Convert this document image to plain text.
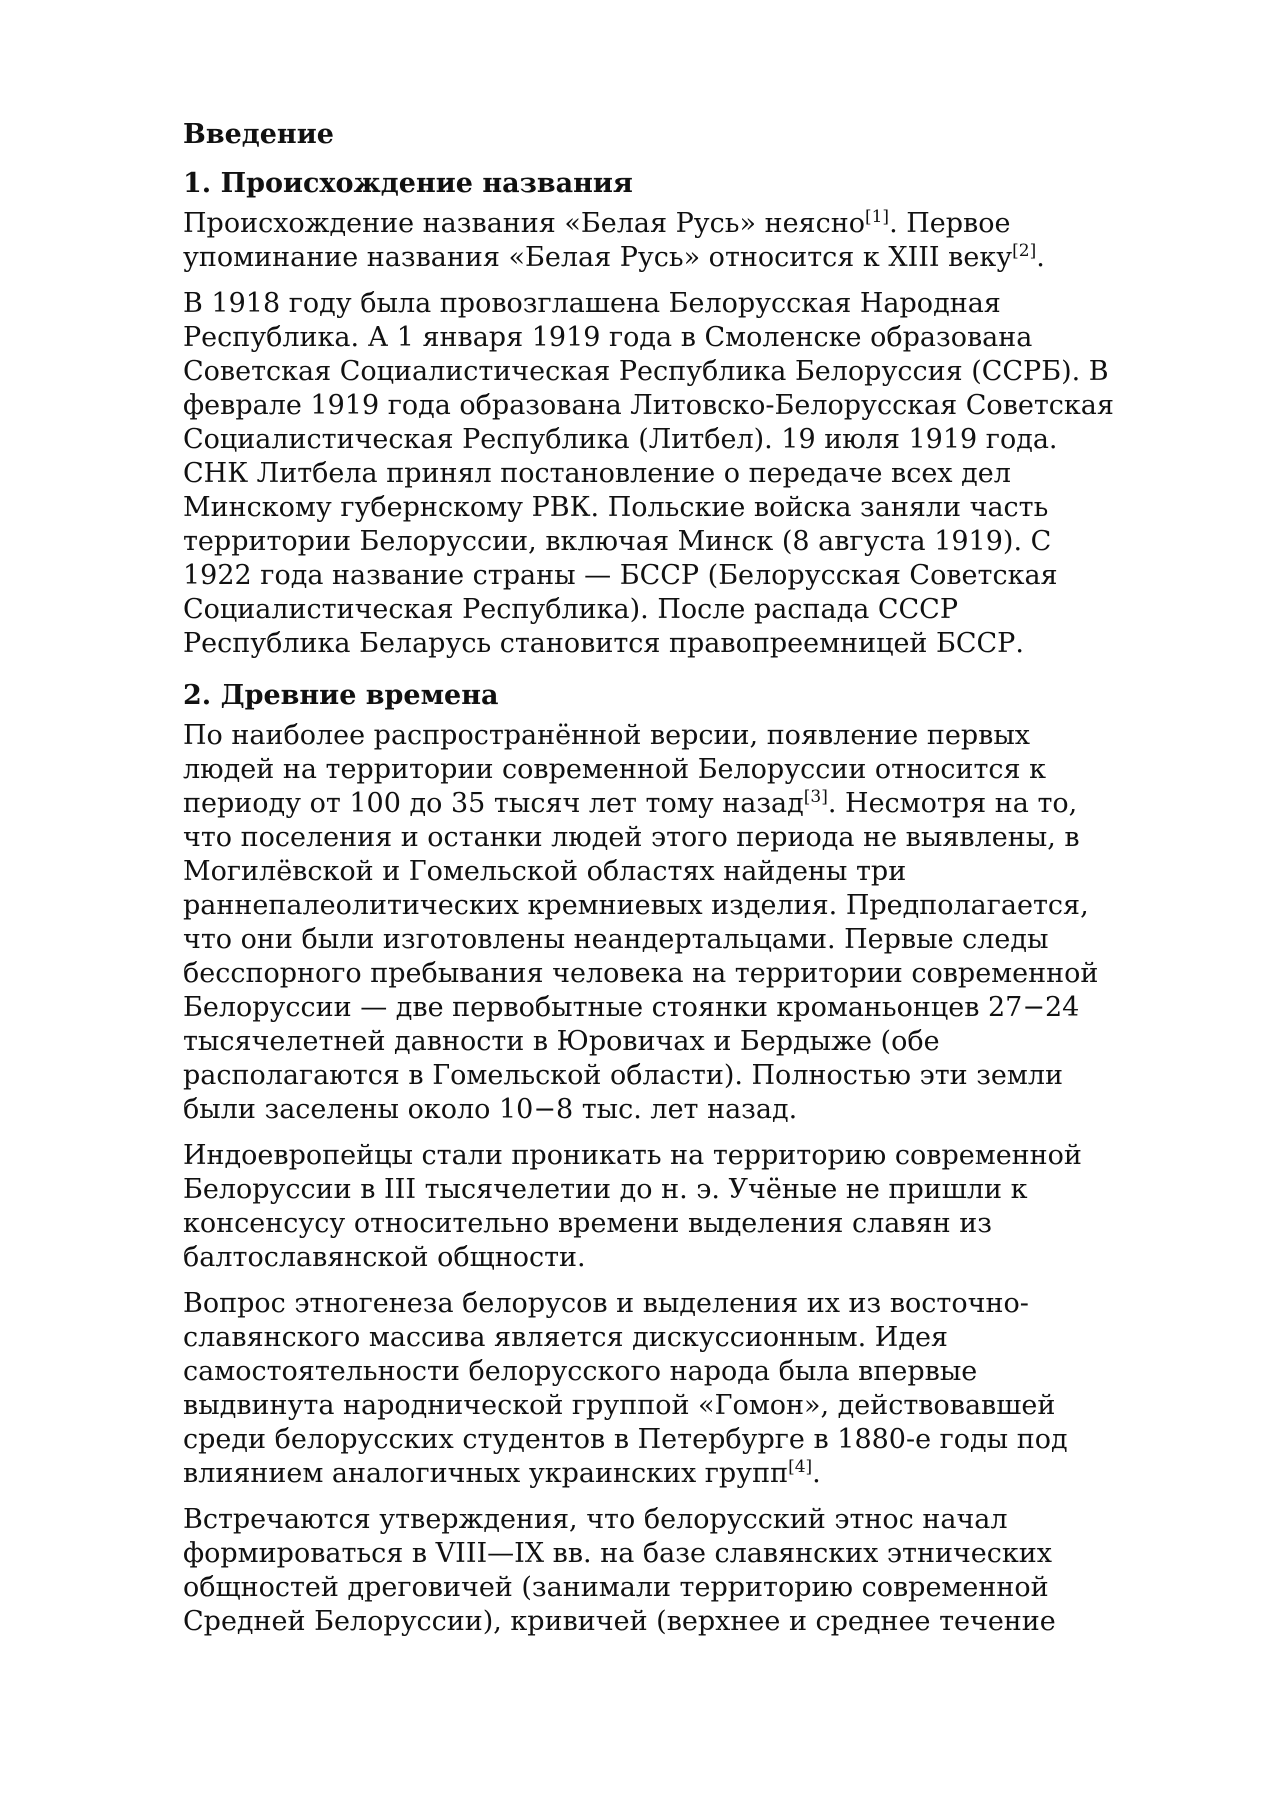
Введение
1. Происхождение названия

Происхождение названия «Белая Русь» неясно[1]. Первое
упоминание названия «Белая Русь» относится к XIII веку[2].

В 1918 году была провозглашена Белорусская Народная
Республика. А 1 января 1919 года в Смоленске образована
Советская Социалистическая Республика Белоруссия (ССРБ). В
феврале 1919 года образована Литовско-Белорусская Советская
Социалистическая Республика (Литбел). 19 июля 1919 года.
СНК Литбела принял постановление о передаче всех дел
Минскому губернскому РВК. Польские войска заняли часть
территории Белоруссии, включая Минск (8 августа 1919). С
1922 года название страны — БССР (Белорусская Советская
Социалистическая Республика). После распада СССР
Республика Беларусь становится правопреемницей БССР.

2. Древние времена

По наиболее распространённой версии, появление первых
людей на территории современной Белоруссии относится к
периоду от 100 до 35 тысяч лет тому назад[3]. Несмотря на то,
что поселения и останки людей этого периода не выявлены, в
Могилёвской и Гомельской областях найдены три
раннепалеолитических кремниевых изделия. Предполагается,
что они были изготовлены неандертальцами. Первые следы
бесспорного пребывания человека на территории современной
Белоруссии — две первобытные стоянки кроманьонцев 27−24
тысячелетней давности в Юровичах и Бердыже (обе
располагаются в Гомельской области). Полностью эти земли
были заселены около 10−8 тыс. лет назад.

Индоевропейцы стали проникать на территорию современной
Белоруссии в III тысячелетии до н. э. Учёные не пришли к
консенсусу относительно времени выделения славян из
балтославянской общности.

Вопрос этногенеза белорусов и выделения их из восточно-
славянского массива является дискуссионным. Идея
самостоятельности белорусского народа была впервые
выдвинута народнической группой «Гомон», действовавшей
среди белорусских студентов в Петербурге в 1880-е годы под
влиянием аналогичных украинских групп[4].

Встречаются утверждения, что белорусский этнос начал
формироваться в VIII—IX вв. на базе славянских этнических
общностей дреговичей (занимали территорию современной
Средней Белоруссии), кривичей (верхнее и среднее течение
